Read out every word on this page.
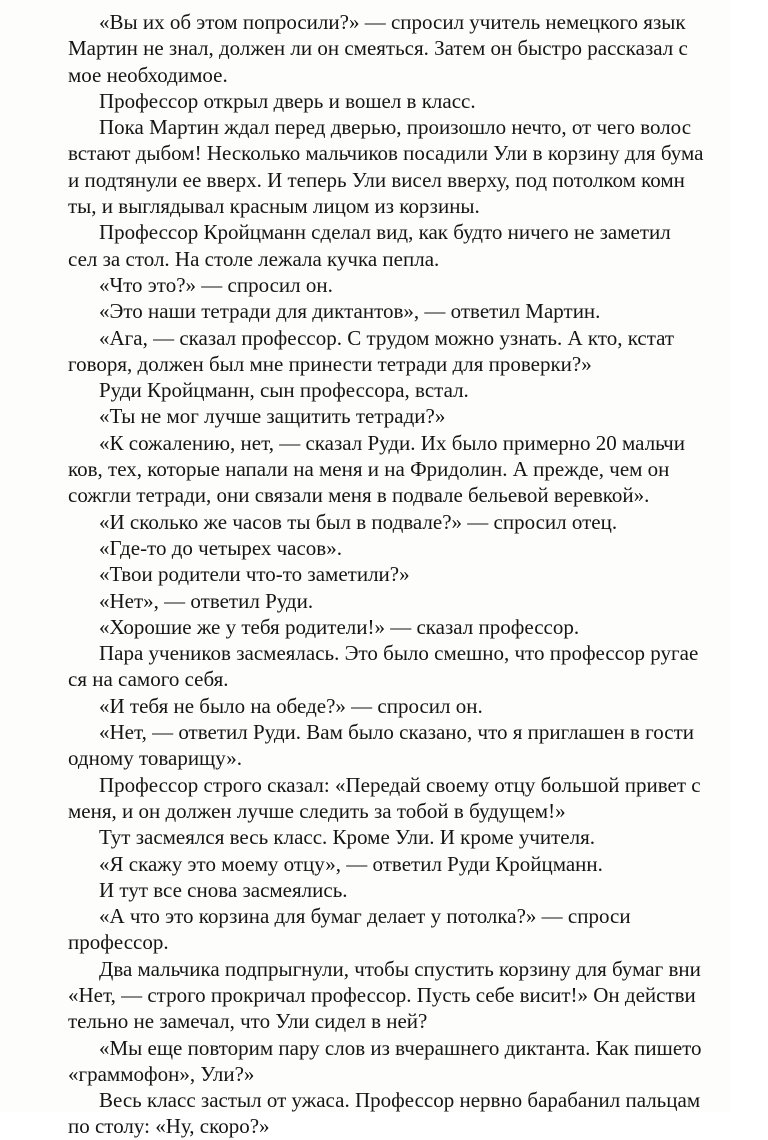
«Вы их об этом попросили?» — спросил учитель немецкого язык
Мартин не знал, должен ли он смеяться. Затем он быстро рассказал с
мое необходимое.
Профессор открыл дверь и вошел в класс.
Пока Мартин ждал перед дверью, произошло нечто, от чего волос
встают дыбом! Несколько мальчиков посадили Ули в корзину для бума
и подтянули ее вверх. И теперь Ули висел вверху, под потолком комн
ты, и выглядывал красным лицом из корзины.
Профессор Кройцманн сделал вид, как будто ничего не заметил
сел за стол. На столе лежала кучка пепла.
«Что это?» — спросил он.
«Это наши тетради для диктантов», — ответил Мартин.
«Ага, — сказал профессор. С трудом можно узнать. А кто, кстат
говоря, должен был мне принести тетради для проверки?»
Руди Кройцманн, сын профессора, встал.
«Ты не мог лучше защитить тетради?»
«К сожалению, нет, — сказал Руди. Их было примерно 20 мальчи
ков, тех, которые напали на меня и на Фридолин. А прежде, чем он
сожгли тетради, они связали меня в подвале бельевой веревкой».
«И сколько же часов ты был в подвале?» — спросил отец.
«Где-то до четырех часов».
«Твои родители что-то заметили?»
«Нет», — ответил Руди.
«Хорошие же у тебя родители!» — сказал профессор.
Пара учеников засмеялась. Это было смешно, что профессор ругае
ся на самого себя.
«И тебя не было на обеде?» — спросил он.
«Нет, — ответил Руди. Вам было сказано, что я приглашен в гости
одному товарищу».
Профессор строго сказал: «Передай своему отцу большой привет с
меня, и он должен лучше следить за тобой в будущем!»
Тут засмеялся весь класс. Кроме Ули. И кроме учителя.
«Я скажу это моему отцу», — ответил Руди Кройцманн.
И тут все снова засмеялись.
«А что это корзина для бумаг делает у потолка?» — спроси
профессор.
Два мальчика подпрыгнули, чтобы спустить корзину для бумаг вни
«Нет, — строго прокричал профессор. Пусть себе висит!» Он действи
тельно не замечал, что Ули сидел в ней?
«Мы еще повторим пару слов из вчерашнего диктанта. Как пишето
«граммофон», Ули?»
Весь класс застыл от ужаса. Профессор нервно барабанил пальцам
по столу: «Ну, скоро?»
